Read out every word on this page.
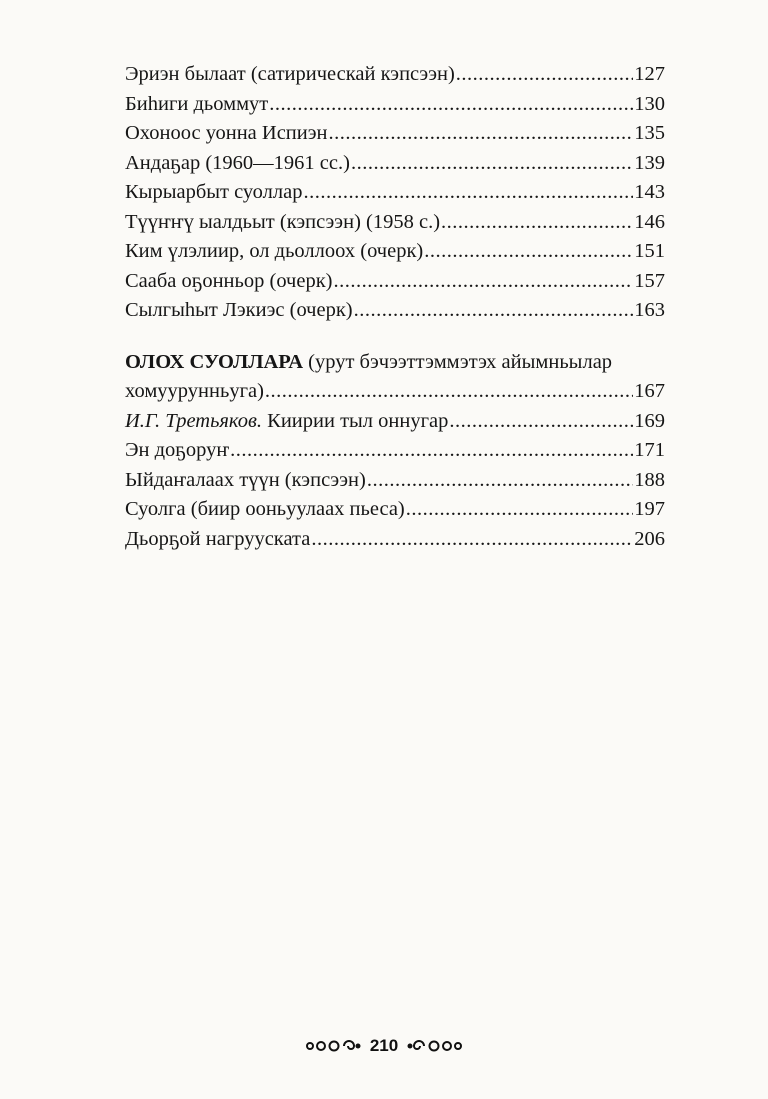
Эриэн былаат (сатирическай кэпсээн) .....	127
Биһиги дьоммут .....	130
Охоноос уонна Испиэн .....	135
Андаҕар (1960—1961 сс.) .....	139
Кырыарбыт суоллар .....	143
Түүҥҥү ыалдьыт (кэпсээн) (1958 с.) .....	146
Ким үлэлиир, ол дьоллоох (очерк) .....	151
Сааба оҕонньор (очерк) .....	157
Сылгыһыт Лэкиэс (очерк) .....	163
ОЛОХ СУОЛЛАРА (урут бэчээттэммэтэх айымньылар
хомуурунньуга) .....	167
И.Г. Третьяков. Киирии тыл оннугар .....	169
Эн доҕоруҥ .....	171
Ыйдаҥалаах түүн (кэпсээн) .....	188
Суолга (биир ооньуулаах пьеса) .....	197
Дьорҕой нагрууската .....	206
210
